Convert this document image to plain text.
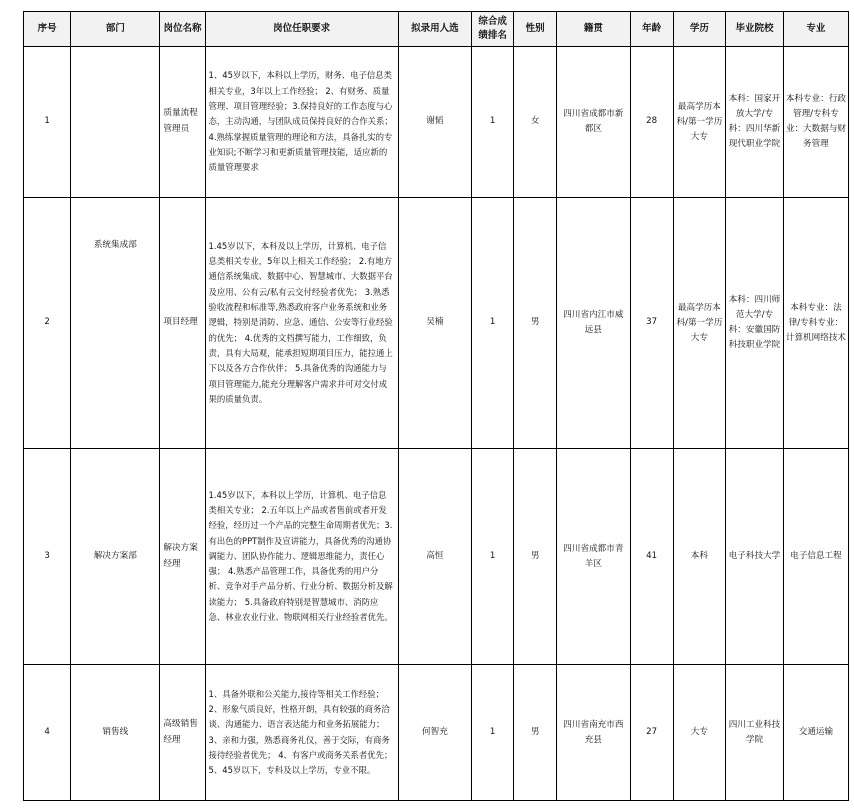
序号	部门	岗位名称	岗位任职要求	拟录用人选	综合成绩排名	性别	籍贯	年龄	学历	毕业院校	专业
1		质量流程管理员	1、45岁以下，本科以上学历，财务、电子信息类相关专业，3年以上工作经验； 2、有财务、质量管理、项目管理经验；3.保持良好的工作态度与心态，主动沟通，与团队成员保持良好的合作关系；4.熟练掌握质量管理的理论和方法，具备扎实的专业知识;不断学习和更新质量管理技能，适应新的质量管理要求	谢韬	1	女	四川省成都市新都区	28	最高学历本科/第一学历大专	本科：国家开放大学/专科：四川华新现代职业学院	本科专业：行政管理/专科专业：大数据与财务管理
2	系统集成部	项目经理	1.45岁以下，本科及以上学历，计算机、电子信息类相关专业，5年以上相关工作经验； 2.有地方通信系统集成、数据中心、智慧城市、大数据平台及应用、公有云/私有云交付经验者优先； 3.熟悉验收流程和标准等,熟悉政府客户业务系统和业务逻辑，特别是消防、应急、通信、公安等行业经验的优先； 4.优秀的文档撰写能力，工作细致，负责，具有大局观，能承担短期项目压力，能拉通上下以及各方合作伙伴； 5.具备优秀的沟通能力与项目管理能力,能充分理解客户需求并可对交付成果的质量负责。	吴楠	1	男	四川省内江市威远县	37	最高学历本科/第一学历大专	本科：四川师范大学/专科：安徽国防科技职业学院	本科专业：法律/专科专业：计算机网络技术
3	解决方案部	解决方案经理	1.45岁以下，本科以上学历，计算机、电子信息类相关专业； 2.五年以上产品或者售前或者开发经验，经历过一个产品的完整生命周期者优先；3.有出色的PPT制作及宣讲能力，具备优秀的沟通协调能力、团队协作能力、逻辑思维能力，责任心强； 4.熟悉产品管理工作，具备优秀的用户分析、竞争对手产品分析、行业分析、数据分析及解读能力； 5.具备政府特别是智慧城市、消防应急、林业农业行业、物联网相关行业经验者优先。	高恒	1	男	四川省成都市青羊区	41	本科	电子科技大学	电子信息工程
4	销售线	高级销售经理	1、具备外联和公关能力,接待等相关工作经验； 2、形象气质良好，性格开朗，具有较强的商务洽谈、沟通能力、语言表达能力和业务拓展能力；3、亲和力强，熟悉商务礼仪，善于交际，有商务接待经验者优先； 4、有客户或商务关系者优先； 5、45岁以下，专科及以上学历，专业不限。	何智充	1	男	四川省南充市西充县	27	大专	四川工业科技学院	交通运输
